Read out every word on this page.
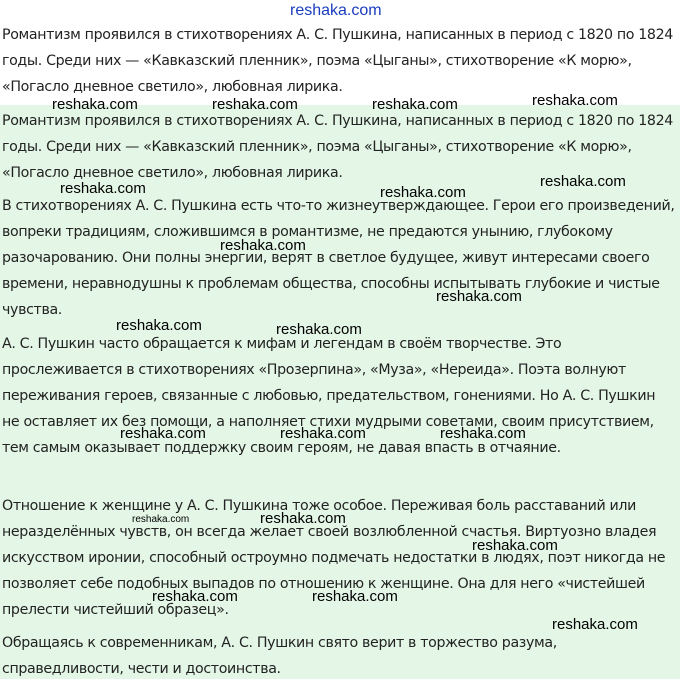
reshaka.com

Романтизм проявился в стихотворениях А. С. Пушкина, написанных в период с 1820 по 1824 годы. Среди них — «Кавказский пленник», поэма «Цыганы», стихотворение «К морю», «Погасло дневное светило», любовная лирика.

Романтизм проявился в стихотворениях А. С. Пушкина, написанных в период с 1820 по 1824 годы. Среди них — «Кавказский пленник», поэма «Цыганы», стихотворение «К морю», «Погасло дневное светило», любовная лирика.

В стихотворениях А. С. Пушкина есть что-то жизнеутверждающее. Герои его произведений, вопреки традициям, сложившимся в романтизме, не предаются унынию, глубокому разочарованию. Они полны энергии, верят в светлое будущее, живут интересами своего времени, неравнодушны к проблемам общества, способны испытывать глубокие и чистые чувства.

А. С. Пушкин часто обращается к мифам и легендам в своём творчестве. Это прослеживается в стихотворениях «Прозерпина», «Муза», «Нереида». Поэта волнуют переживания героев, связанные с любовью, предательством, гонениями. Но А. С. Пушкин не оставляет их без помощи, а наполняет стихи мудрыми советами, своим присутствием, тем самым оказывает поддержку своим героям, не давая впасть в отчаяние.

Отношение к женщине у А. С. Пушкина тоже особое. Переживая боль расставаний или неразделённых чувств, он всегда желает своей возлюбленной счастья. Виртуозно владея искусством иронии, способный остроумно подмечать недостатки в людях, поэт никогда не позволяет себе подобных выпадов по отношению к женщине. Она для него «чистейшей прелести чистейший образец».

Обращаясь к современникам, А. С. Пушкин свято верит в торжество разума, справедливости, чести и достоинства.

reshaka.com	reshaka.com	reshaka.com	reshaka.com

reshaka.com	reshaka.com

reshaka.com

reshaka.com

reshaka.com

reshaka.com	reshaka.com

reshaka.com	reshaka.com	reshaka.com

reshaka.com	reshaka.com

reshaka.com

reshaka.com	reshaka.com

reshaka.com
